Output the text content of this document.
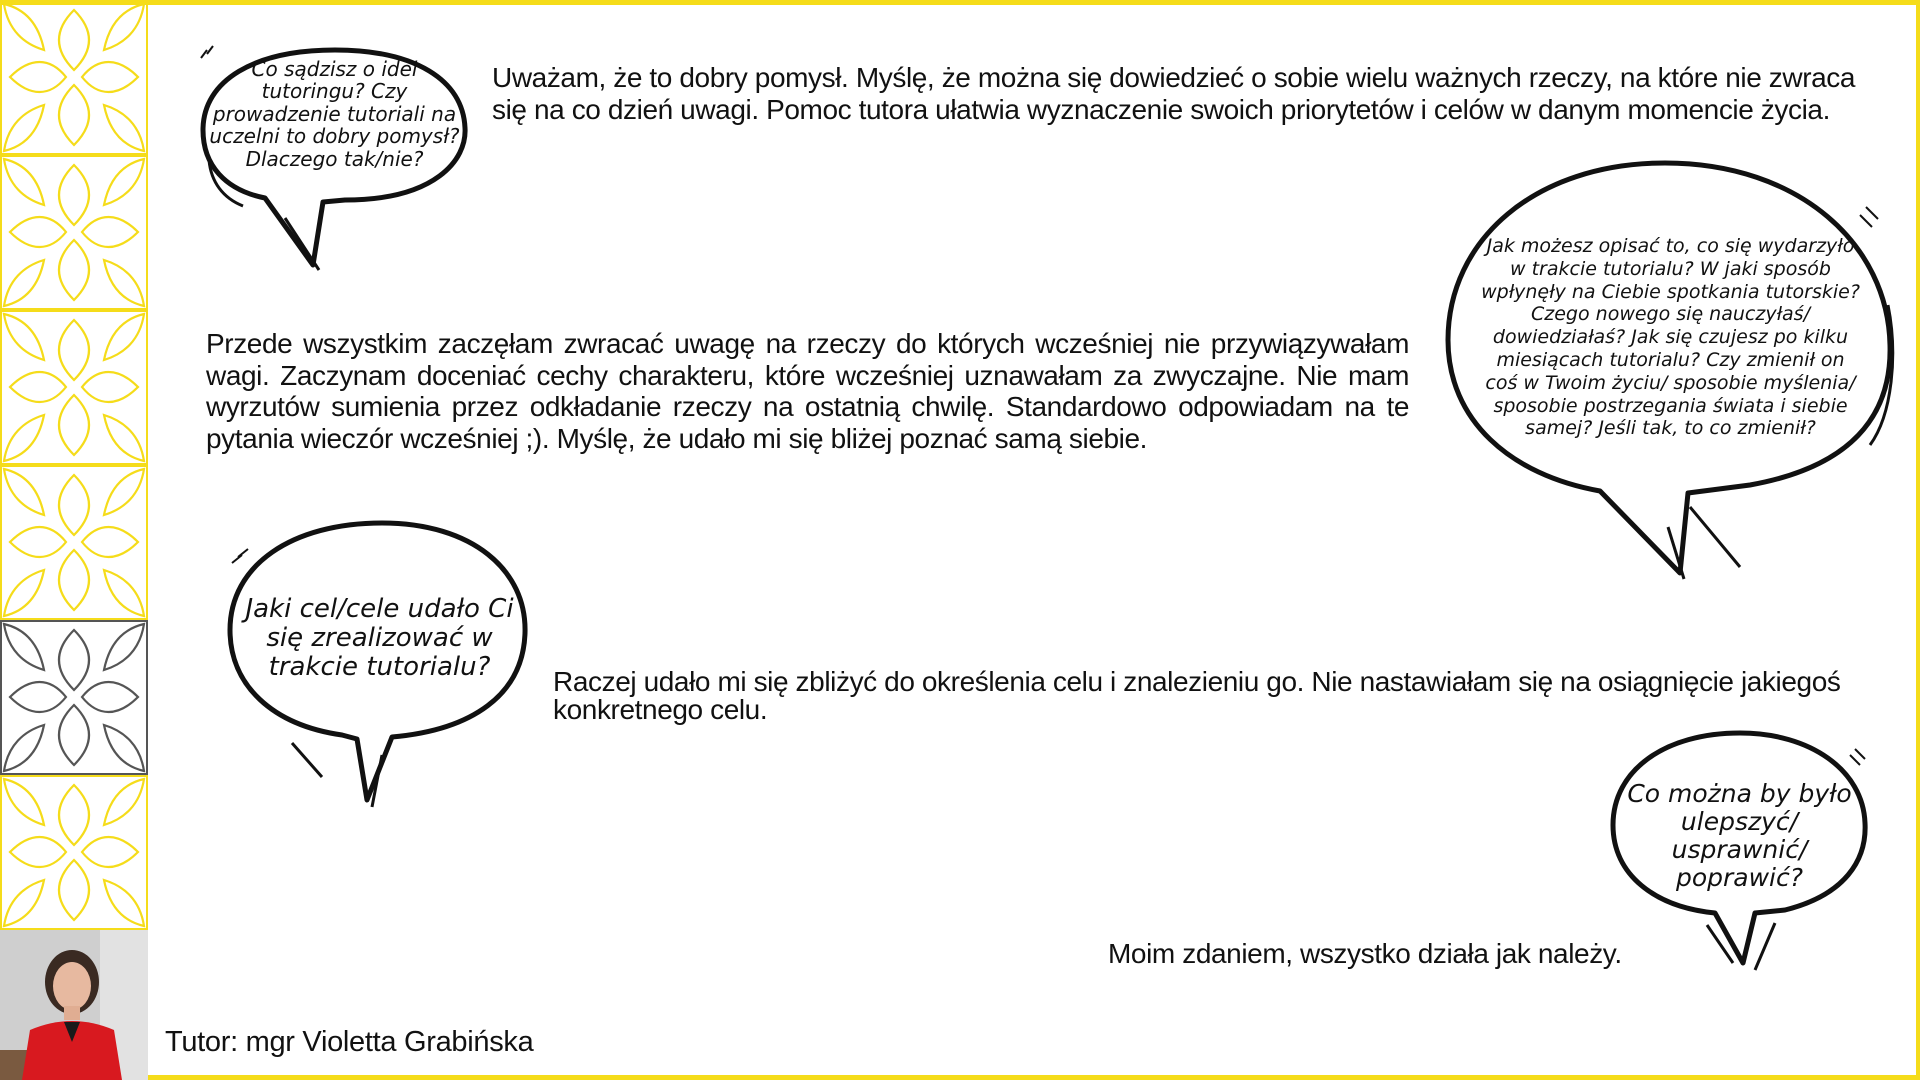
Tutor: mgr Violetta Grabińska
Co sądzisz o idei tutoringu? Czy prowadzenie tutoriali na uczelni to dobry pomysł? Dlaczego tak/nie?
Uważam, że to dobry pomysł. Myślę, że można się dowiedzieć o sobie wielu ważnych rzeczy, na które nie zwraca się na co dzień uwagi. Pomoc tutora ułatwia wyznaczenie swoich priorytetów i celów w danym momencie życia.
Jak możesz opisać to, co się wydarzyło w trakcie tutorialu? W jaki sposób wpłynęły na Ciebie spotkania tutorskie? Czego nowego się nauczyłaś/ dowiedziałaś? Jak się czujesz po kilku miesiącach tutorialu? Czy zmienił on coś w Twoim życiu/ sposobie myślenia/ sposobie postrzegania świata i siebie samej? Jeśli tak, to co zmienił?
Przede wszystkim zaczęłam zwracać uwagę na rzeczy do których wcześniej nie przywiązywałam wagi. Zaczynam doceniać cechy charakteru, które wcześniej uznawałam za zwyczajne. Nie mam wyrzutów sumienia przez odkładanie rzeczy na ostatnią chwilę. Standardowo odpowiadam na te pytania wieczór wcześniej ;). Myślę, że udało mi się bliżej poznać samą siebie.
Jaki cel/cele udało Ci się zrealizować w trakcie tutorialu?	Raczej udało mi się zbliżyć do określenia celu i znalezieniu go. Nie nastawiałam się na osiągnięcie jakiegoś konkretnego celu.
Co można by było ulepszyć/ usprawnić/ poprawić?
Moim zdaniem, wszystko działa jak należy.
